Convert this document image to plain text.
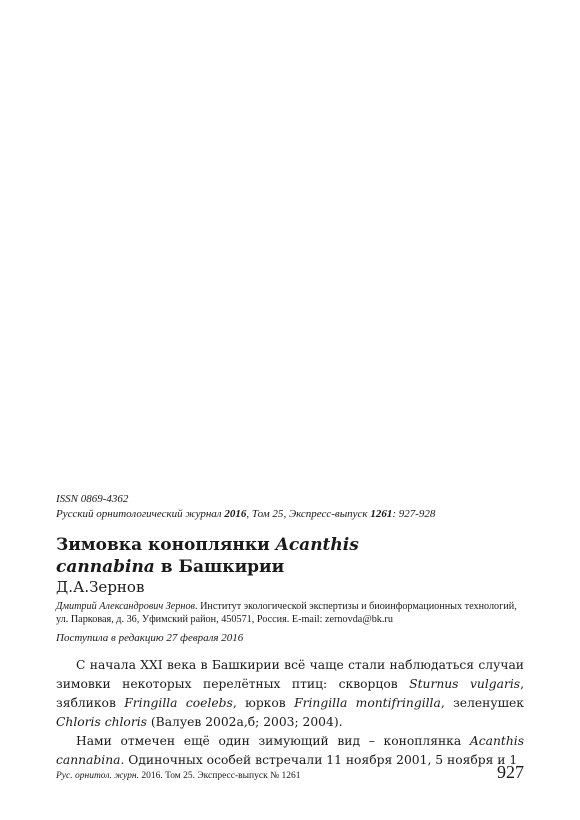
ISSN 0869-4362
Русский орнитологический журнал 2016, Том 25, Экспресс-выпуск 1261: 927-928
Зимовка коноплянки Acanthis
cannabina в Башкирии
Д.А.Зернов
Дмитрий Александрович Зернов. Институт экологической экспертизы и биоинформационных технологий, ул. Парковая, д. 36, Уфимский район, 450571, Россия. E-mail: zernovda@bk.ru
Поступила в редакцию 27 февраля 2016

С начала XXI века в Башкирии всё чаще стали наблюдаться случаи зимовки некоторых перелётных птиц: скворцов Sturnus vulgaris, зябликов Fringilla coelebs, юрков Fringilla montifringilla, зеленушек Chloris chloris (Валуев 2002а,б; 2003; 2004).

Нами отмечен ещё один зимующий вид – коноплянка Acanthis cannabina. Одиночных особей встречали 11 ноября 2001, 5 ноября и 1

Рус. орнитол. журн. 2016. Том 25. Экспресс-выпуск № 1261	927
